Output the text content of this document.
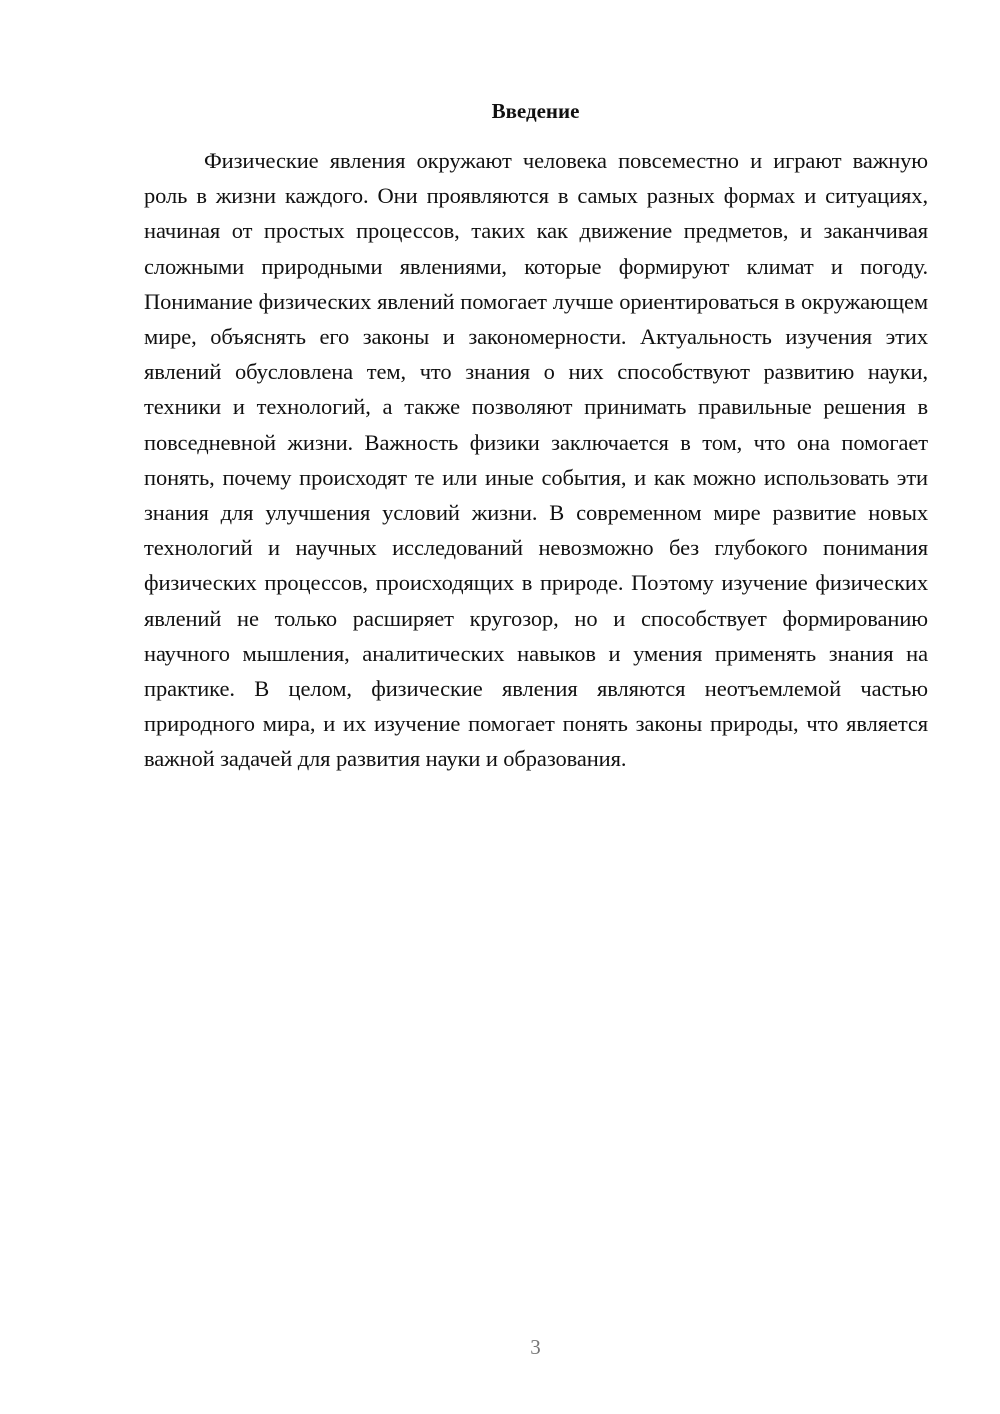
Введение

Физические явления окружают человека повсеместно и играют важную роль в жизни каждого. Они проявляются в самых разных формах и ситуациях, начиная от простых процессов, таких как движение предметов, и заканчивая сложными природными явлениями, которые формируют климат и погоду. Понимание физических явлений помогает лучше ориентироваться в окружающем мире, объяснять его законы и закономерности. Актуальность изучения этих явлений обусловлена тем, что знания о них способствуют развитию науки, техники и технологий, а также позволяют принимать правильные решения в повседневной жизни. Важность физики заключается в том, что она помогает понять, почему происходят те или иные события, и как можно использовать эти знания для улучшения условий жизни. В современном мире развитие новых технологий и научных исследований невозможно без глубокого понимания физических процессов, происходящих в природе. Поэтому изучение физических явлений не только расширяет кругозор, но и способствует формированию научного мышления, аналитических навыков и умения применять знания на практике. В целом, физические явления являются неотъемлемой частью природного мира, и их изучение помогает понять законы природы, что является важной задачей для развития науки и образования.

3
